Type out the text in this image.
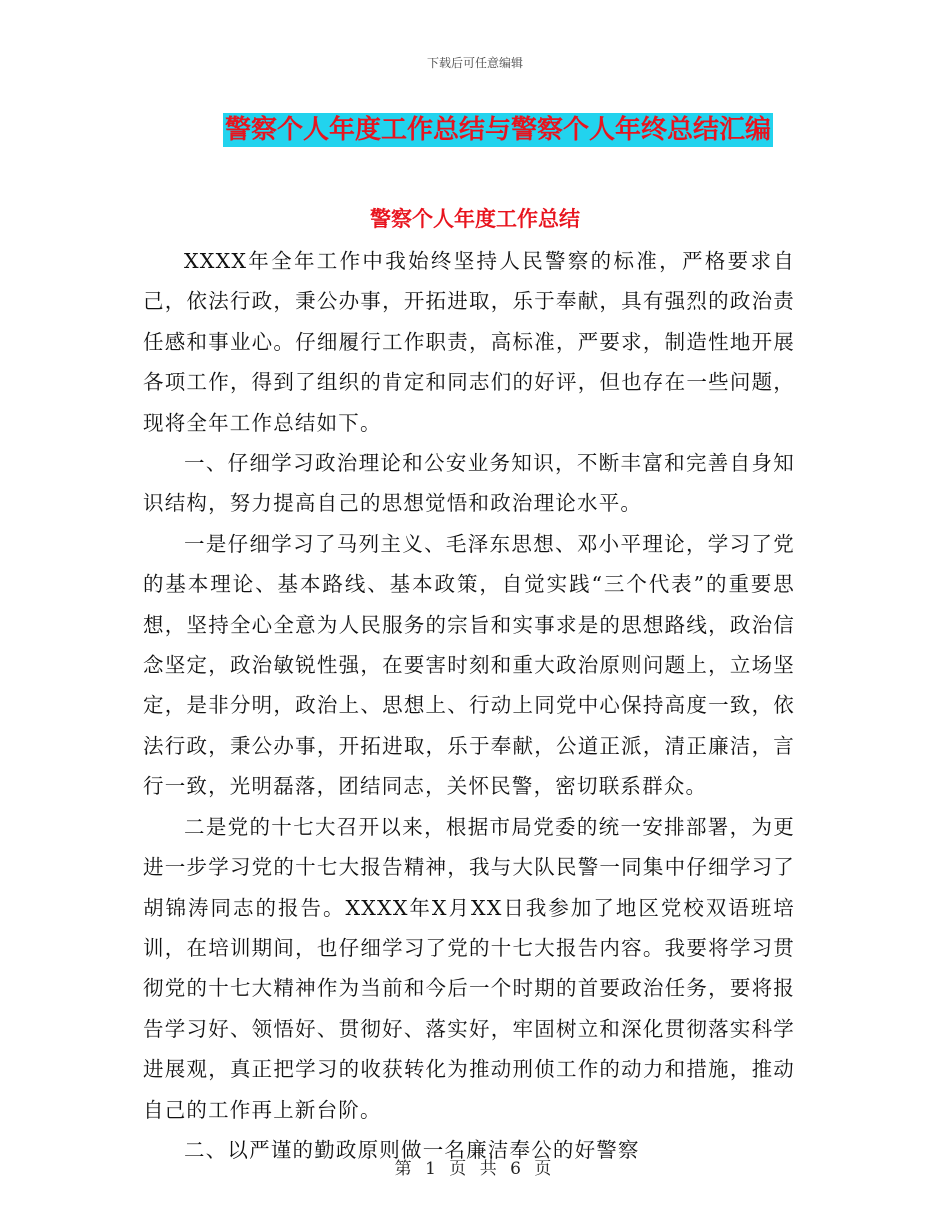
下载后可任意编辑
警察个人年度工作总结与警察个人年终总结汇编
警察个人年度工作总结

XXXX年全年工作中我始终坚持人民警察的标准，严格要求自己，依法行政，秉公办事，开拓进取，乐于奉献，具有强烈的政治责任感和事业心。仔细履行工作职责，高标准，严要求，制造性地开展各项工作，得到了组织的肯定和同志们的好评，但也存在一些问题，现将全年工作总结如下。

一、仔细学习政治理论和公安业务知识，不断丰富和完善自身知识结构，努力提高自己的思想觉悟和政治理论水平。

一是仔细学习了马列主义、毛泽东思想、邓小平理论，学习了党的基本理论、基本路线、基本政策，自觉实践“三个代表”的重要思想，坚持全心全意为人民服务的宗旨和实事求是的思想路线，政治信念坚定，政治敏锐性强，在要害时刻和重大政治原则问题上，立场坚定，是非分明，政治上、思想上、行动上同党中心保持高度一致，依法行政，秉公办事，开拓进取，乐于奉献，公道正派，清正廉洁，言行一致，光明磊落，团结同志，关怀民警，密切联系群众。

二是党的十七大召开以来，根据市局党委的统一安排部署，为更进一步学习党的十七大报告精神，我与大队民警一同集中仔细学习了胡锦涛同志的报告。XXXX年X月XX日我参加了地区党校双语班培训，在培训期间，也仔细学习了党的十七大报告内容。我要将学习贯彻党的十七大精神作为当前和今后一个时期的首要政治任务，要将报告学习好、领悟好、贯彻好、落实好，牢固树立和深化贯彻落实科学进展观，真正把学习的收获转化为推动刑侦工作的动力和措施，推动自己的工作再上新台阶。

二、以严谨的勤政原则做一名廉洁奉公的好警察

第 1 页 共 6 页
